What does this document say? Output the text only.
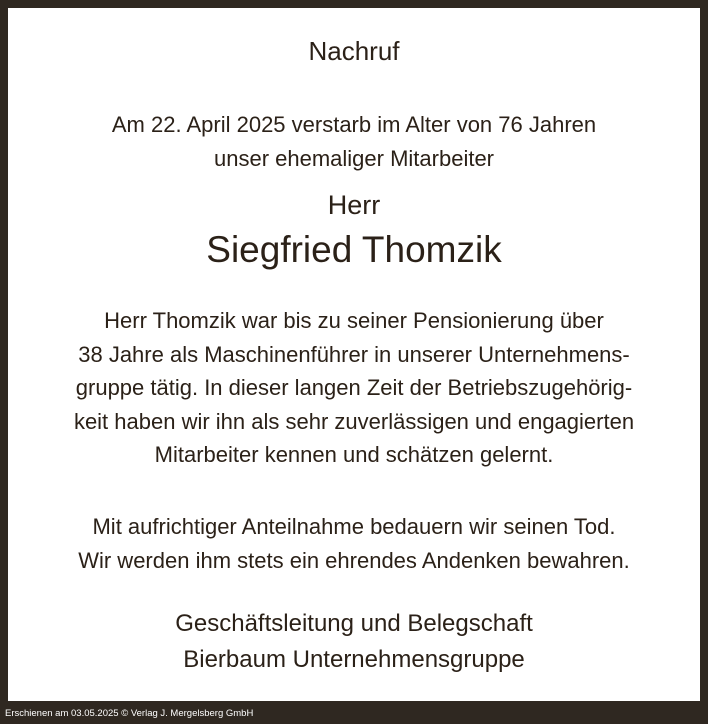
Nachruf
Am 22. April 2025 verstarb im Alter von 76 Jahren
unser ehemaliger Mitarbeiter
Herr
Siegfried Thomzik
Herr Thomzik war bis zu seiner Pensionierung über
38 Jahre als Maschinenführer in unserer Unternehmens-
gruppe tätig. In dieser langen Zeit der Betriebszugehörig-
keit haben wir ihn als sehr zuverlässigen und engagierten
Mitarbeiter kennen und schätzen gelernt.
Mit aufrichtiger Anteilnahme bedauern wir seinen Tod.
Wir werden ihm stets ein ehrendes Andenken bewahren.
Geschäftsleitung und Belegschaft
Bierbaum Unternehmensgruppe
Erschienen am 03.05.2025 © Verlag J. Mergelsberg GmbH
